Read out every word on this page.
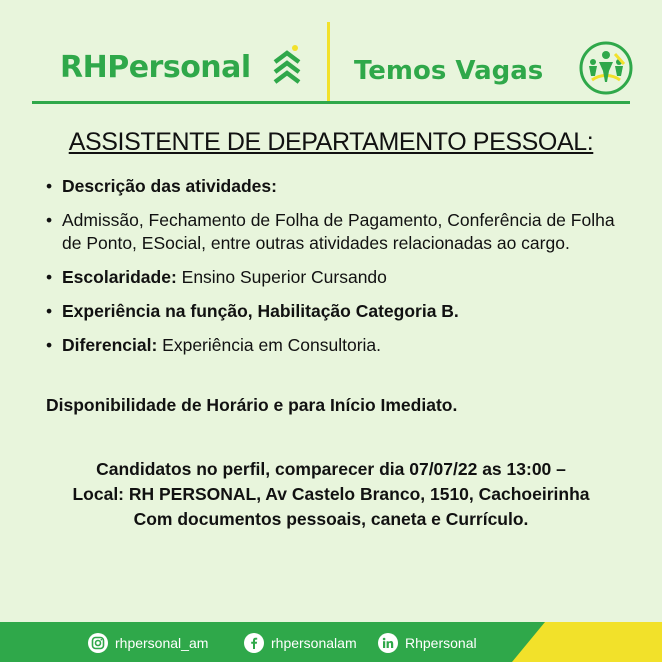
RHPersonal	Temos Vagas
ASSISTENTE DE DEPARTAMENTO PESSOAL:
• Descrição das atividades:
• Admissão, Fechamento de Folha de Pagamento, Conferência de Folha de Ponto, ESocial, entre outras atividades relacionadas ao cargo.
• Escolaridade: Ensino Superior Cursando
• Experiência na função, Habilitação Categoria B.
• Diferencial: Experiência em Consultoria.
Disponibilidade de Horário e para Início Imediato.
Candidatos no perfil, comparecer dia 07/07/22 as 13:00 –
Local: RH PERSONAL, Av Castelo Branco, 1510, Cachoeirinha
Com documentos pessoais, caneta e Currículo.
rhpersonal_am	rhpersonalam	Rhpersonal
